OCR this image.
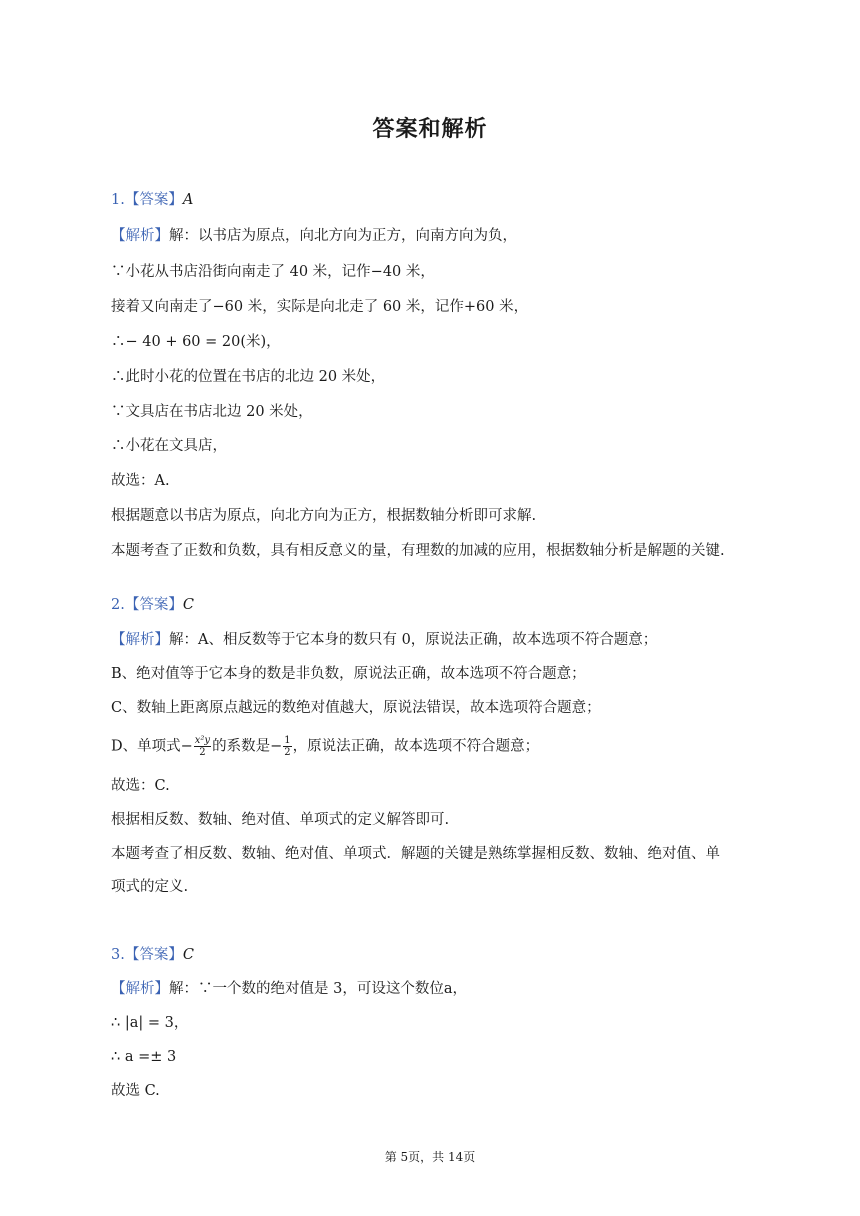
答案和解析
1.【答案】A
【解析】解：以书店为原点，向北方向为正方，向南方向为负，
∵小花从书店沿街向南走了 40 米，记作−40 米，
接着又向南走了−60 米，实际是向北走了 60 米，记作+60 米，
∴− 40 + 60 = 20(米)，
∴此时小花的位置在书店的北边 20 米处，
∵文具店在书店北边 20 米处，
∴小花在文具店，
故选：A.
根据题意以书店为原点，向北方向为正方，根据数轴分析即可求解.
本题考查了正数和负数，具有相反意义的量，有理数的加减的应用，根据数轴分析是解题的关键.
2.【答案】C
【解析】解：A、相反数等于它本身的数只有 0，原说法正确，故本选项不符合题意；
B、绝对值等于它本身的数是非负数，原说法正确，故本选项不符合题意；
C、数轴上距离原点越远的数绝对值越大，原说法错误，故本选项符合题意；
D、单项式− $\frac{\text{x²y}}{2}$ 的系数是− $\frac{1}{2}$ ，原说法正确，故本选项不符合题意；
故选：C.
根据相反数、数轴、绝对值、单项式的定义解答即可.
本题考查了相反数、数轴、绝对值、单项式．解题的关键是熟练掌握相反数、数轴、绝对值、单
项式的定义.
3.【答案】C
【解析】解：∵一个数的绝对值是 3，可设这个数位a，
∴ |a| = 3，
∴ a =± 3
故选 C.
第 5页，共 14页
